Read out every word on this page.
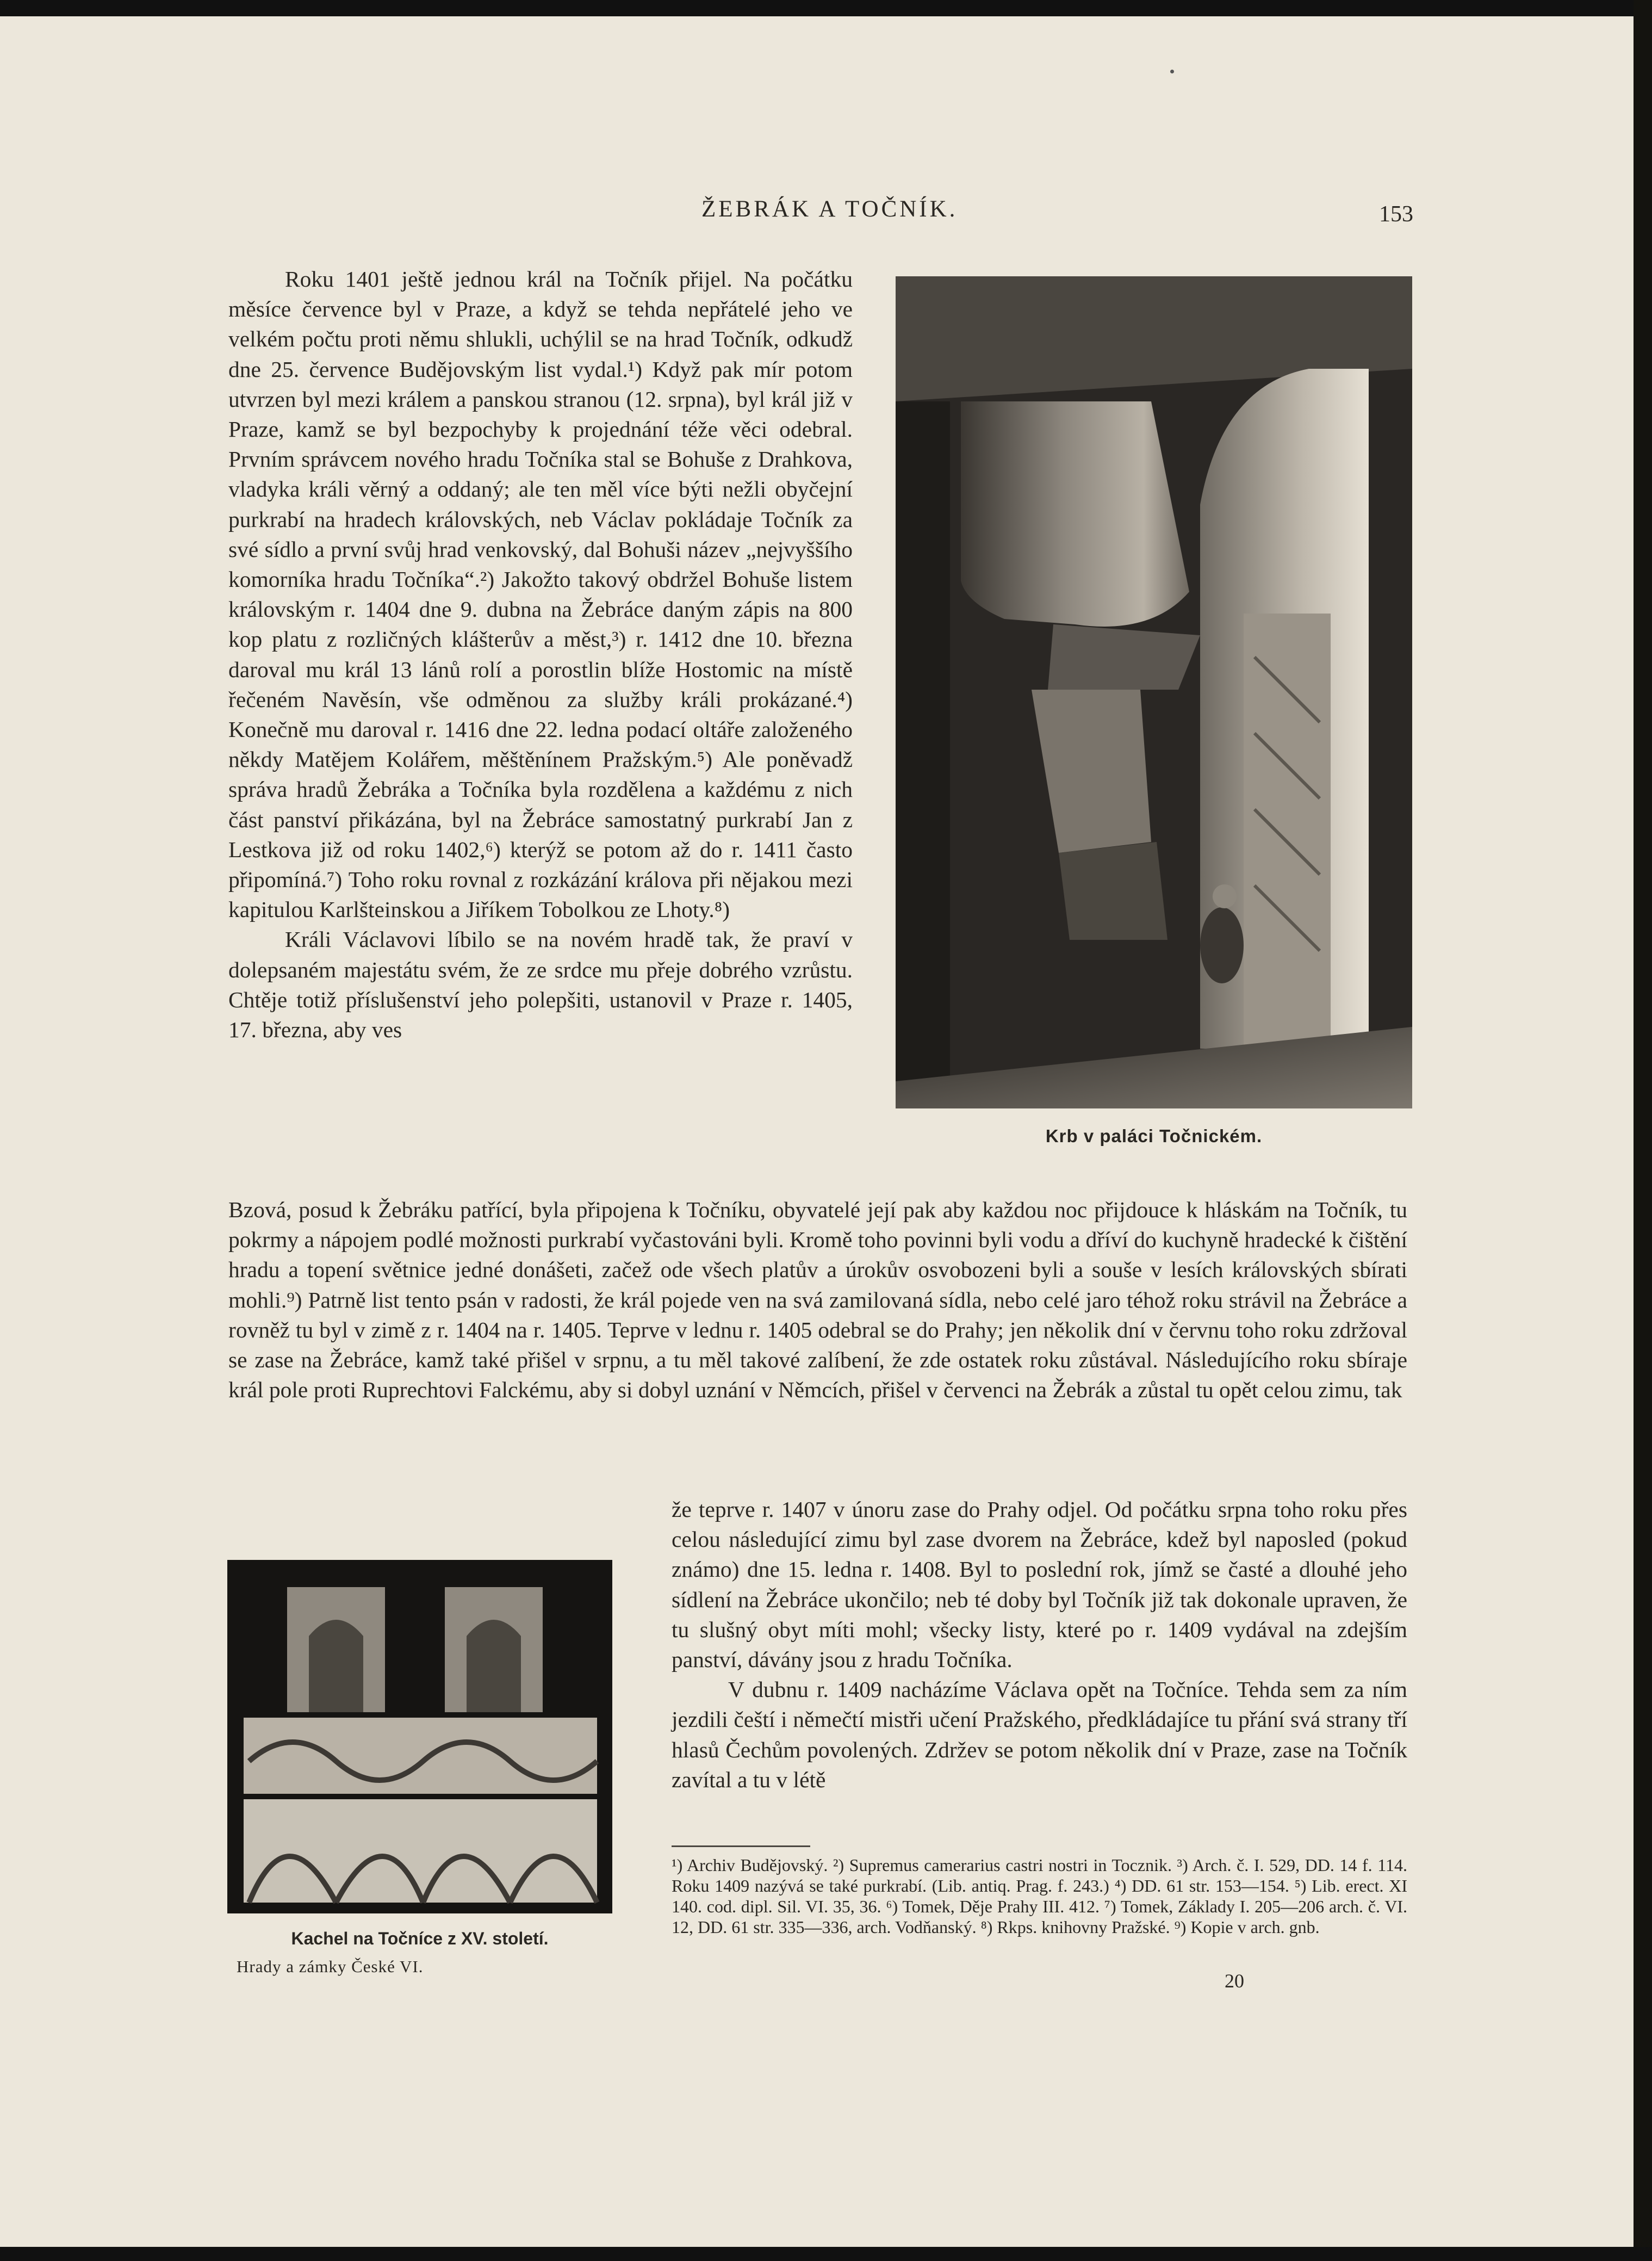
ŽEBRÁK A TOČNÍK.	153

Roku 1401 ještě jednou král na Točník přijel. Na počátku měsíce července byl v Praze, a když se tehda nepřátelé jeho ve velkém počtu proti němu shlukli, uchýlil se na hrad Točník, odkudž dne 25. července Budějovským list vydal.¹) Když pak mír potom utvrzen byl mezi králem a panskou stranou (12. srpna), byl král již v Praze, kamž se byl bezpochyby k projednání téže věci odebral. Prvním správcem nového hradu Točníka stal se Bohuše z Drahkova, vladyka králi věrný a oddaný; ale ten měl více býti nežli obyčejní purkrabí na hradech královských, neb Václav pokládaje Točník za své sídlo a první svůj hrad venkovský, dal Bohuši název „nejvyššího komorníka hradu Točníka“.²) Jakožto takový obdržel Bohuše listem královským r. 1404 dne 9. dubna na Žebráce daným zápis na 800 kop platu z rozličných klášterův a měst,³) r. 1412 dne 10. března daroval mu král 13 lánů rolí a porostlin blíže Hostomic na místě řečeném Navěsín, vše odměnou za služby králi prokázané.⁴) Konečně mu daroval r. 1416 dne 22. ledna podací oltáře založeného někdy Matějem Kolářem, měštěnínem Pražským.⁵) Ale poněvadž správa hradů Žebráka a Točníka byla rozdělena a každému z nich část panství přikázána, byl na Žebráce samostatný purkrabí Jan z Lestkova již od roku 1402,⁶) kterýž se potom až do r. 1411 často připomíná.⁷) Toho roku rovnal z rozkázání králova při nějakou mezi kapitulou Karlšteinskou a Jiříkem Tobolkou ze Lhoty.⁸)

Králi Václavovi líbilo se na novém hradě tak, že praví v dolepsaném majestátu svém, že ze srdce mu přeje dobrého vzrůstu. Chtěje totiž příslušenství jeho polepšiti, ustanovil v Praze r. 1405, 17. března, aby ves

Krb v paláci Točnickém.

Bzová, posud k Žebráku patřící, byla připojena k Točníku, obyvatelé její pak aby každou noc přijdouce k hláskám na Točník, tu pokrmy a nápojem podlé možnosti purkrabí vyčastováni byli. Kromě toho povinni byli vodu a dříví do kuchyně hradecké k čištění hradu a topení světnice jedné donášeti, začež ode všech platův a úrokův osvobozeni byli a souše v lesích královských sbírati mohli.⁹) Patrně list tento psán v radosti, že král pojede ven na svá zamilovaná sídla, nebo celé jaro téhož roku strávil na Žebráce a rovněž tu byl v zimě z r. 1404 na r. 1405. Teprve v lednu r. 1405 odebral se do Prahy; jen několik dní v červnu toho roku zdržoval se zase na Žebráce, kamž také přišel v srpnu, a tu měl takové zalíbení, že zde ostatek roku zůstával. Následujícího roku sbíraje král pole proti Ruprechtovi Falckému, aby si dobyl uznání v Němcích, přišel v červenci na Žebrák a zůstal tu opět celou zimu, tak

Kachel na Točníce z XV. století.
Hrady a zámky České VI.

že teprve r. 1407 v únoru zase do Prahy odjel. Od počátku srpna toho roku přes celou následující zimu byl zase dvorem na Žebráce, kdež byl naposled (pokud známo) dne 15. ledna r. 1408. Byl to poslední rok, jímž se časté a dlouhé jeho sídlení na Žebráce ukončilo; neb té doby byl Točník již tak dokonale upraven, že tu slušný obyt míti mohl; všecky listy, které po r. 1409 vydával na zdejším panství, dávány jsou z hradu Točníka.

V dubnu r. 1409 nacházíme Václava opět na Točníce. Tehda sem za ním jezdili čeští i němečtí mistři učení Pražského, předkládajíce tu přání svá strany tří hlasů Čechům povolených. Zdržev se potom několik dní v Praze, zase na Točník zavítal a tu v létě

¹) Archiv Budějovský. ²) Supremus camerarius castri nostri in Tocznik. ³) Arch. č. I. 529, DD. 14 f. 114. Roku 1409 nazývá se také purkrabí. (Lib. antiq. Prag. f. 243.) ⁴) DD. 61 str. 153—154. ⁵) Lib. erect. XI 140. cod. dipl. Sil. VI. 35, 36. ⁶) Tomek, Děje Prahy III. 412. ⁷) Tomek, Základy I. 205—206 arch. č. VI. 12, DD. 61 str. 335—336, arch. Vodňanský. ⁸) Rkps. knihovny Pražské. ⁹) Kopie v arch. gnb.
20
